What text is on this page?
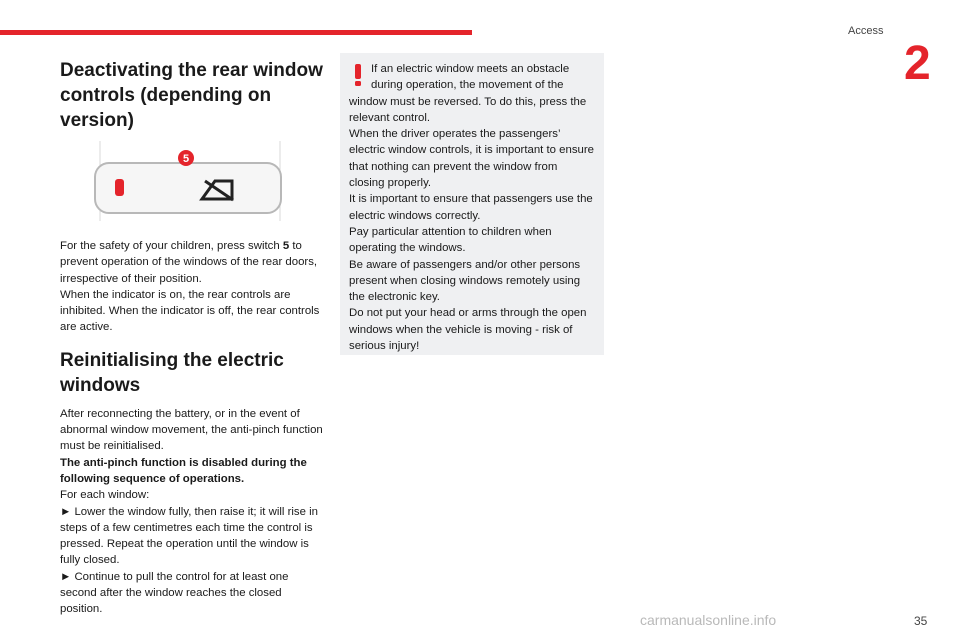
Access
2
Deactivating the rear window controls (depending on version)
5

For the safety of your children, press switch 5 to prevent operation of the windows of the rear doors, irrespective of their position.

When the indicator is on, the rear controls are inhibited. When the indicator is off, the rear controls are active.

Reinitialising the electric windows

After reconnecting the battery, or in the event of abnormal window movement, the anti-pinch function must be reinitialised.

The anti-pinch function is disabled during the following sequence of operations.

For each window:

► Lower the window fully, then raise it; it will rise in steps of a few centimetres each time the control is pressed. Repeat the operation until the window is fully closed.

► Continue to pull the control for at least one second after the window reaches the closed position.

If an electric window meets an obstacle during operation, the movement of the window must be reversed. To do this, press the relevant control.

When the driver operates the passengers’ electric window controls, it is important to ensure that nothing can prevent the window from closing properly.

It is important to ensure that passengers use the electric windows correctly.

Pay particular attention to children when operating the windows.

Be aware of passengers and/or other persons present when closing windows remotely using the electronic key.

Do not put your head or arms through the open windows when the vehicle is moving - risk of serious injury!

35
carmanualsonline.info
